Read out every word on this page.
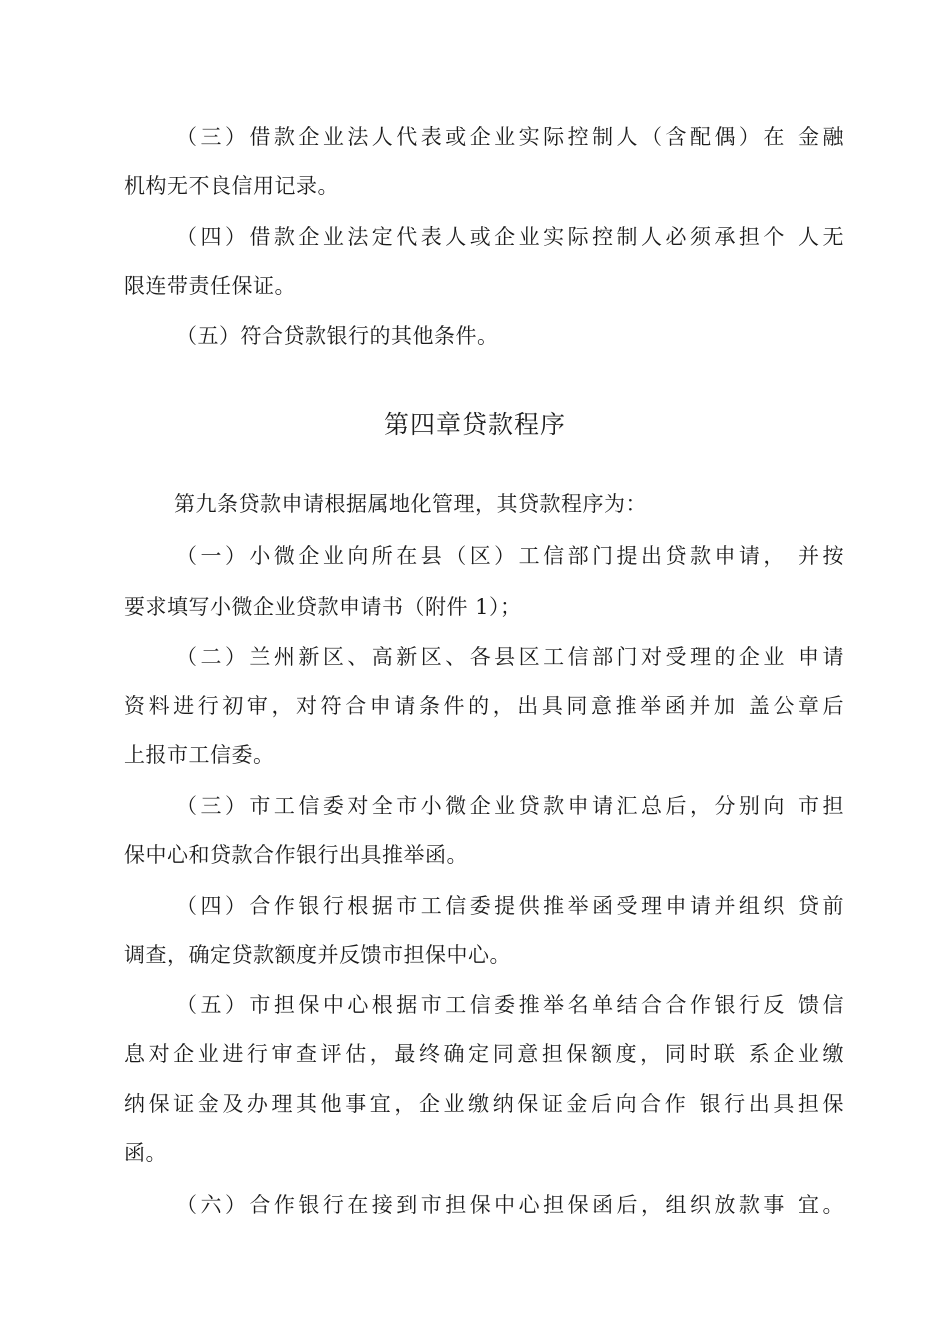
（三）借款企业法人代表或企业实际控制人（含配偶）在 金融
机构无不良信用记录。
（四）借款企业法定代表人或企业实际控制人必须承担个 人无
限连带责任保证。
（五）符合贷款银行的其他条件。
第四章贷款程序
第九条贷款申请根据属地化管理，其贷款程序为：
（一）小微企业向所在县（区）工信部门提出贷款申请， 并按
要求填写小微企业贷款申请书（附件 1）；
（二）兰州新区、高新区、各县区工信部门对受理的企业 申请
资料进行初审，对符合申请条件的，出具同意推举函并加 盖公章后
上报市工信委。
（三）市工信委对全市小微企业贷款申请汇总后，分别向 市担
保中心和贷款合作银行出具推举函。
（四）合作银行根据市工信委提供推举函受理申请并组织 贷前
调查，确定贷款额度并反馈市担保中心。
（五）市担保中心根据市工信委推举名单结合合作银行反 馈信
息对企业进行审查评估，最终确定同意担保额度，同时联 系企业缴
纳保证金及办理其他事宜，企业缴纳保证金后向合作 银行出具担保
函。
（六）合作银行在接到市担保中心担保函后，组织放款事 宜。
